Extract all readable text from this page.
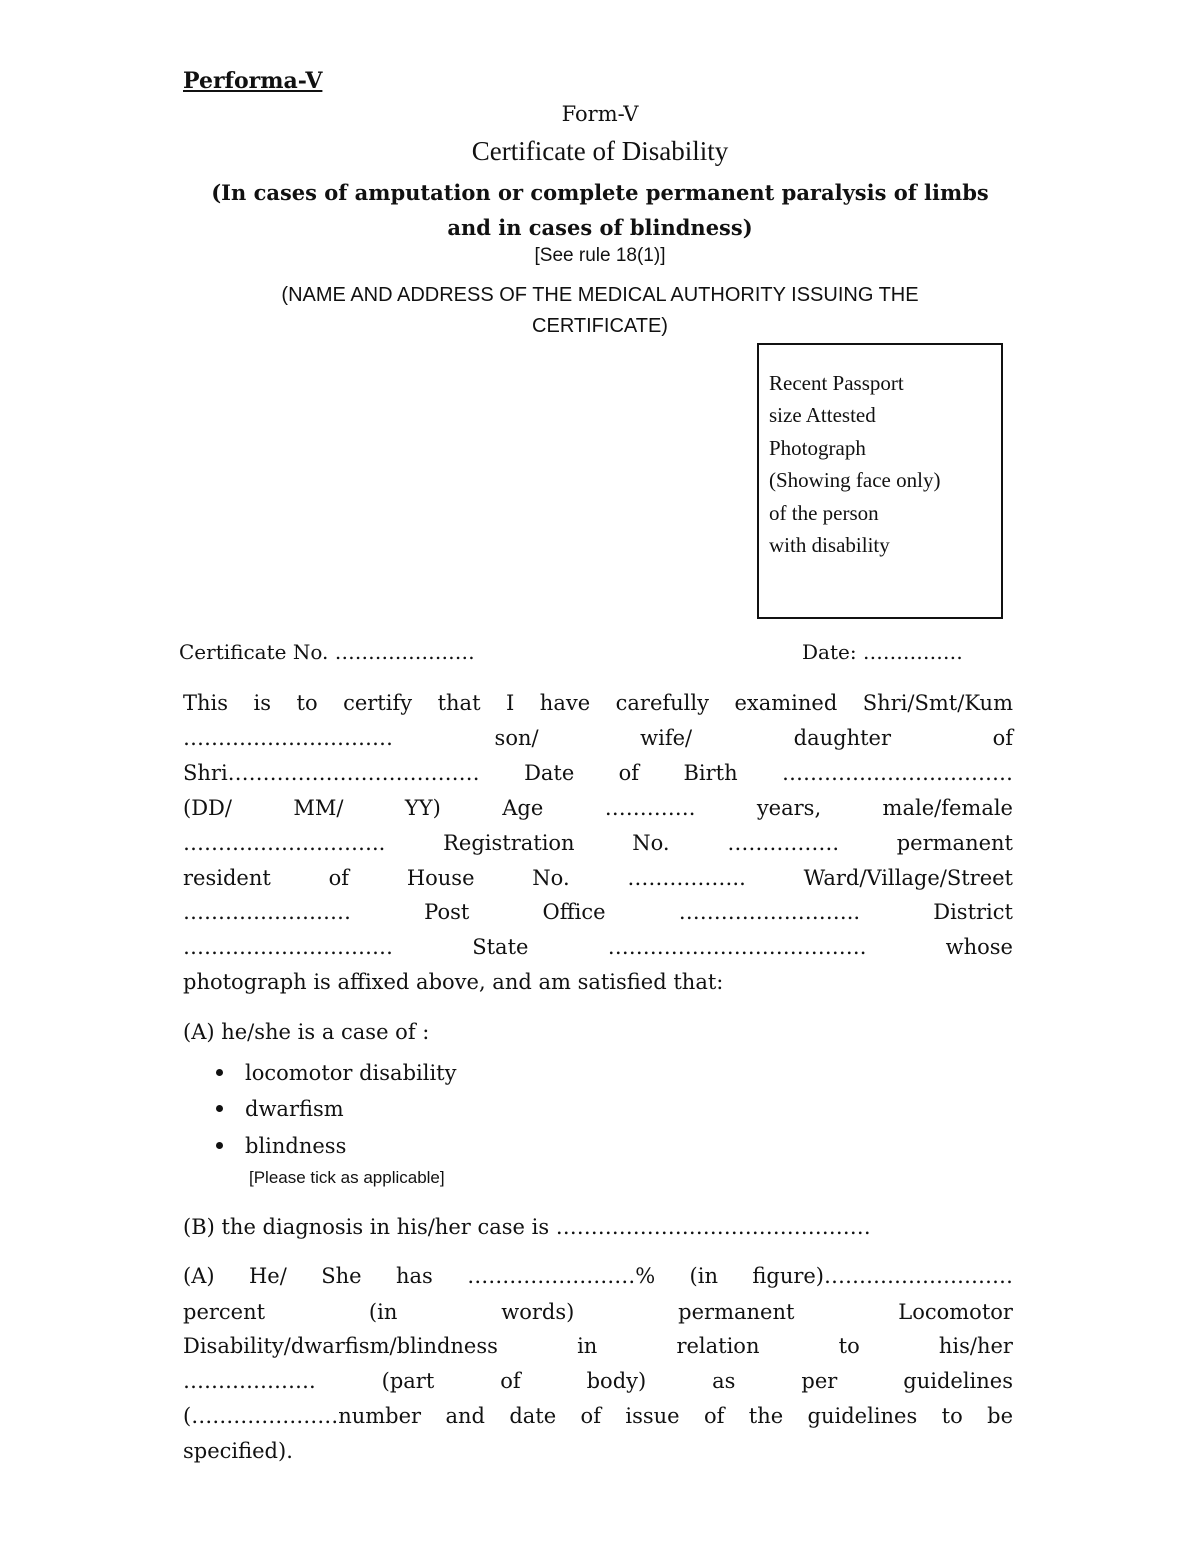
Performa-V
Form-V
Certificate of Disability
(In cases of amputation or complete permanent paralysis of limbs
and in cases of blindness)
[See rule 18(1)]
(NAME AND ADDRESS OF THE MEDICAL AUTHORITY ISSUING THE
CERTIFICATE)
Recent Passport
size Attested
Photograph
(Showing face only)
of the person
with disability
Certificate No. …………………	Date: ……………
This is to certify that I have carefully examined Shri/Smt/Kum
…………………………	son/	wife/	daughter	of
Shri……………………………… Date of Birth ……………………………
(DD/	MM/	YY)	Age	………….	years,	male/female
………………………..	Registration No.	…………….	permanent
resident	of	House	No.	……………..	Ward/Village/Street
……………………	Post	Office	……………………..	District
…………………………	State	……………………………….	whose
photograph is affixed above, and am satisfied that:
(A) he/she is a case of :
locomotor disability
dwarfism
blindness
[Please tick as applicable]
(B) the diagnosis in his/her case is ………………………………………
(A) He/ She has ……………………% (in figure)………………………
percent	(in	words)	permanent	Locomotor
Disability/dwarfism/blindness	in	relation	to	his/her
……………….	(part	of	body)	as	per	guidelines
(…………………number and date of issue of the guidelines to be
specified).
